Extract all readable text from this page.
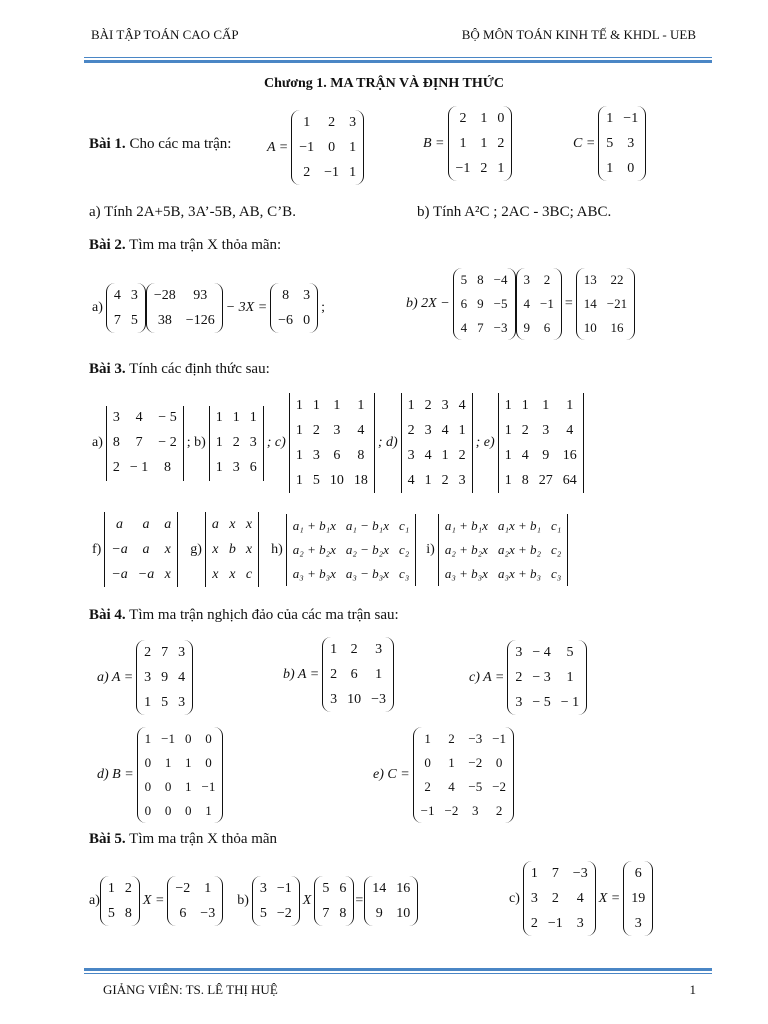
BÀI TẬP TOÁN CAO CẤP	BỘ MÔN TOÁN KINH TẾ & KHDL - UEB
Chương 1. MA TRẬN VÀ ĐỊNH THỨC
Bài 1. Cho các ma trận:	A =
1	2	3
−1	0	1
2	−1	1
B =
2	1	0
1	1	2
−1	2	1
C =
1	−1
5	3
1	0
a) Tính 2A+5B, 3A’-5B, AB, C’B.	b) Tính A²C ; 2AC - 3BC; ABC.
Bài 2. Tìm ma trận X thỏa mãn:
a)
4	3
7	5
−28	93
38	−126
− 3X =
8	3
−6	0
;	b) 2X −
5	8	−4
6	9	−5
4	7	−3
3	2
4	−1
9	6
=
13	22
14	−21
10	16
Bài 3. Tính các định thức sau:
a)
3	4	− 5
8	7	− 2
2	− 1	8
; b)
1	1	1
1	2	3
1	3	6
; c)
1	1	1	1
1	2	3	4
1	3	6	8
1	5	10	18
; d)
1	2	3	4
2	3	4	1
3	4	1	2
4	1	2	3
; e)
1	1	1	1
1	2	3	4
1	4	9	16
1	8	27	64
f)
a	a	a
−a	a	x
−a	−a	x
g)
a	x	x
x	b	x
x	x	c
h)
a₁ + b₁x	a₁ − b₁x	c₁
a₂ + b₂x	a₂ − b₂x	c₂
a₃ + b₃x	a₃ − b₃x	c₃
i)
a₁ + b₁x	a₁x + b₁	c₁
a₂ + b₂x	a₂x + b₂	c₂
a₃ + b₃x	a₃x + b₃	c₃
Bài 4. Tìm ma trận nghịch đảo của các ma trận sau:
a) A =
2	7	3
3	9	4
1	5	3
b) A =
1	2	3
2	6	1
3	10	−3
c) A =
3	− 4	5
2	− 3	1
3	− 5	− 1
d) B =
1	−1	0	0
0	1	1	0
0	0	1	−1
0	0	0	1
e) C =
1	2	−3	−1
0	1	−2	0
2	4	−5	−2
−1	−2	3	2
Bài 5. Tìm ma trận X thỏa mãn
a)
1	2
5	8
X =
−2	1
6	−3
b)
3	−1
5	−2
X
5	6
7	8
=
14	16
9	10
c)
1	7	−3
3	2	4
2	−1	3
X =
6
19
3
GIẢNG VIÊN: TS. LÊ THỊ HUỆ	1
